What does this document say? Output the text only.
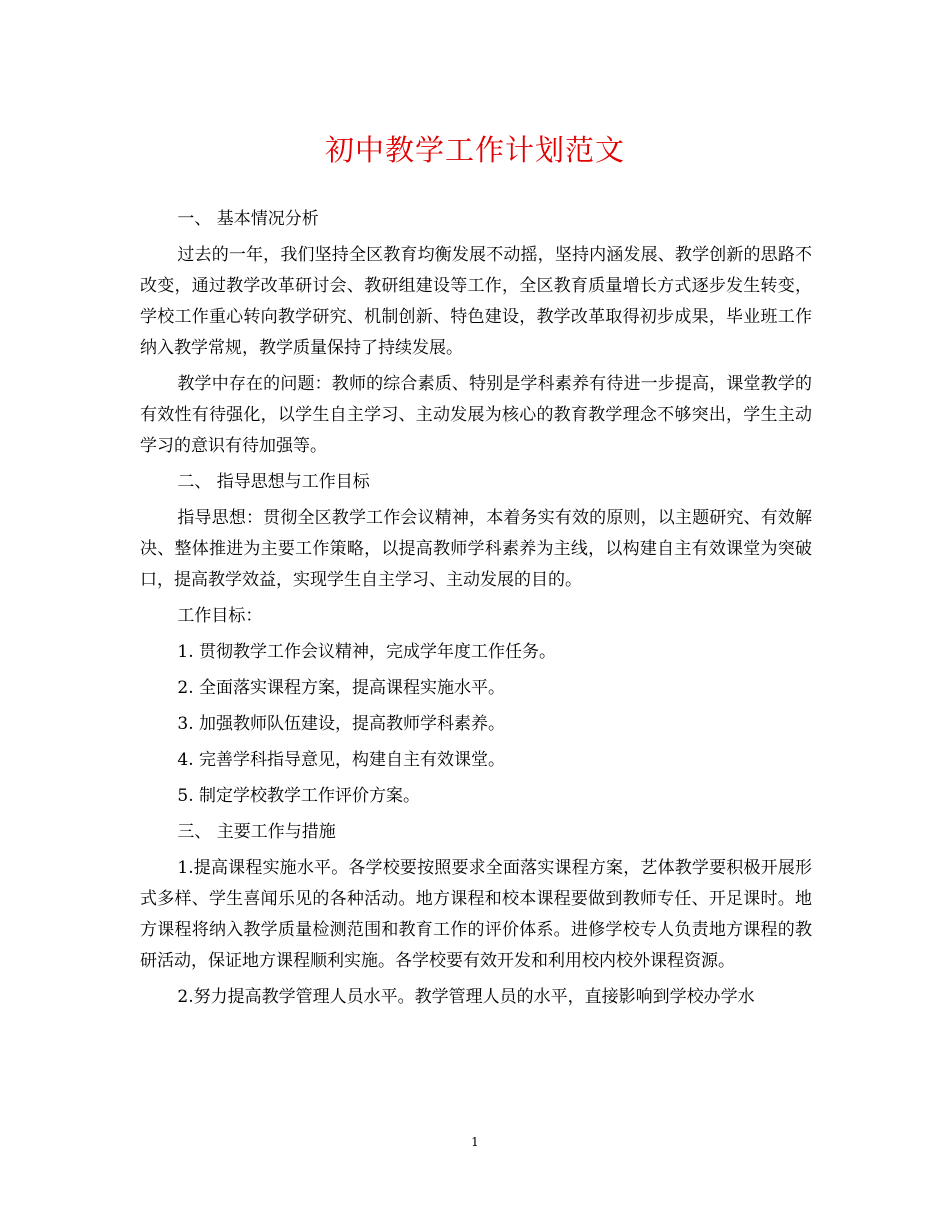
初中教学工作计划范文

一、 基本情况分析

过去的一年，我们坚持全区教育均衡发展不动摇，坚持内涵发展、教学创新的思路不改变，通过教学改革研讨会、教研组建设等工作，全区教育质量增长方式逐步发生转变，学校工作重心转向教学研究、机制创新、特色建设，教学改革取得初步成果，毕业班工作纳入教学常规，教学质量保持了持续发展。

教学中存在的问题：教师的综合素质、特别是学科素养有待进一步提高，课堂教学的有效性有待强化，以学生自主学习、主动发展为核心的教育教学理念不够突出，学生主动学习的意识有待加强等。

二、 指导思想与工作目标

指导思想：贯彻全区教学工作会议精神，本着务实有效的原则，以主题研究、有效解决、整体推进为主要工作策略，以提高教师学科素养为主线，以构建自主有效课堂为突破口，提高教学效益，实现学生自主学习、主动发展的目的。

工作目标：

1. 贯彻教学工作会议精神，完成学年度工作任务。

2. 全面落实课程方案，提高课程实施水平。

3. 加强教师队伍建设，提高教师学科素养。

4. 完善学科指导意见，构建自主有效课堂。

5. 制定学校教学工作评价方案。

三、 主要工作与措施

1.提高课程实施水平。各学校要按照要求全面落实课程方案，艺体教学要积极开展形式多样、学生喜闻乐见的各种活动。地方课程和校本课程要做到教师专任、开足课时。地方课程将纳入教学质量检测范围和教育工作的评价体系。进修学校专人负责地方课程的教研活动，保证地方课程顺利实施。各学校要有效开发和利用校内校外课程资源。

2.努力提高教学管理人员水平。教学管理人员的水平，直接影响到学校办学水

1
